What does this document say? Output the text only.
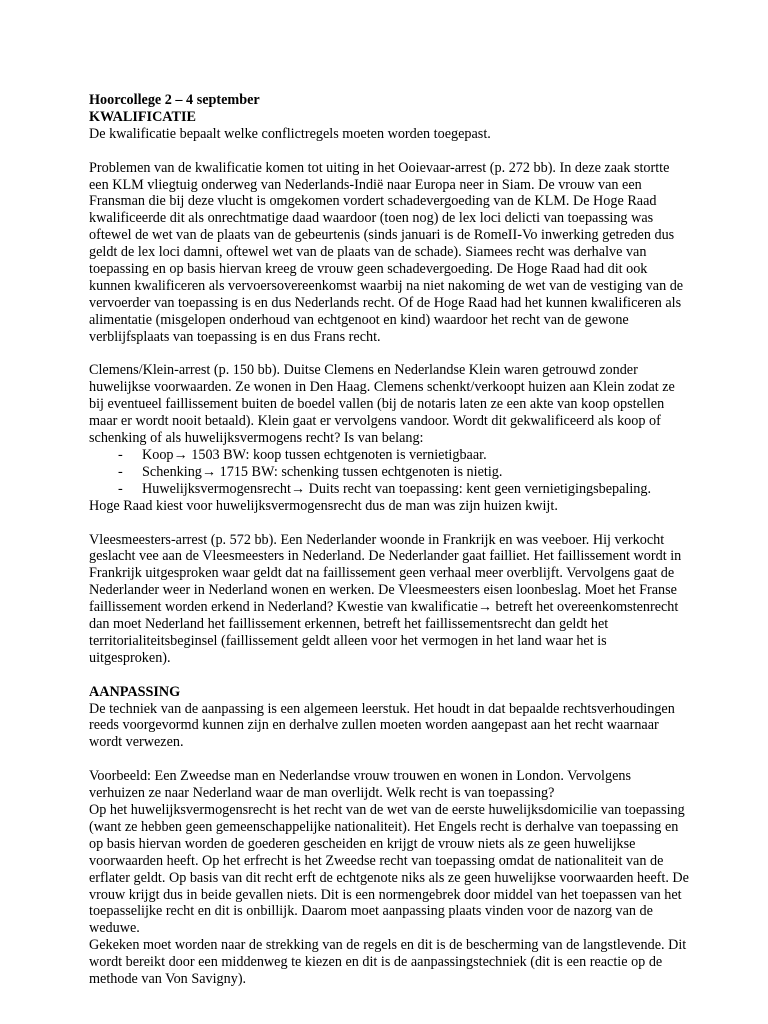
Hoorcollege 2 – 4 september

KWALIFICATIE

De kwalificatie bepaalt welke conflictregels moeten worden toegepast.

Problemen van de kwalificatie komen tot uiting in het Ooievaar-arrest (p. 272 bb). In deze zaak stortte een KLM vliegtuig onderweg van Nederlands-Indië naar Europa neer in Siam. De vrouw van een Fransman die bij deze vlucht is omgekomen vordert schadevergoeding van de KLM. De Hoge Raad kwalificeerde dit als onrechtmatige daad waardoor (toen nog) de lex loci delicti van toepassing was oftewel de wet van de plaats van de gebeurtenis (sinds januari is de RomeII-Vo inwerking getreden dus geldt de lex loci damni, oftewel wet van de plaats van de schade). Siamees recht was derhalve van toepassing en op basis hiervan kreeg de vrouw geen schadevergoeding. De Hoge Raad had dit ook kunnen kwalificeren als vervoersovereenkomst waarbij na niet nakoming de wet van de vestiging van de vervoerder van toepassing is en dus Nederlands recht. Of de Hoge Raad had het kunnen kwalificeren als alimentatie (misgelopen onderhoud van echtgenoot en kind) waardoor het recht van de gewone verblijfsplaats van toepassing is en dus Frans recht.

Clemens/Klein-arrest (p. 150 bb). Duitse Clemens en Nederlandse Klein waren getrouwd zonder huwelijkse voorwaarden. Ze wonen in Den Haag. Clemens schenkt/verkoopt huizen aan Klein zodat ze bij eventueel faillissement buiten de boedel vallen (bij de notaris laten ze een akte van koop opstellen maar er wordt nooit betaald). Klein gaat er vervolgens vandoor. Wordt dit gekwalificeerd als koop of schenking of als huwelijksvermogens recht? Is van belang:

- Koop→ 1503 BW: koop tussen echtgenoten is vernietigbaar.
- Schenking→ 1715 BW: schenking tussen echtgenoten is nietig.
- Huwelijksvermogensrecht→ Duits recht van toepassing: kent geen vernietigingsbepaling.

Hoge Raad kiest voor huwelijksvermogensrecht dus de man was zijn huizen kwijt.

Vleesmeesters-arrest (p. 572 bb). Een Nederlander woonde in Frankrijk en was veeboer. Hij verkocht geslacht vee aan de Vleesmeesters in Nederland. De Nederlander gaat failliet. Het faillissement wordt in Frankrijk uitgesproken waar geldt dat na faillissement geen verhaal meer overblijft. Vervolgens gaat de Nederlander weer in Nederland wonen en werken. De Vleesmeesters eisen loonbeslag. Moet het Franse faillissement worden erkend in Nederland? Kwestie van kwalificatie→ betreft het overeenkomstenrecht dan moet Nederland het faillissement erkennen, betreft het faillissementsrecht dan geldt het territorialiteitsbeginsel (faillissement geldt alleen voor het vermogen in het land waar het is uitgesproken).

AANPASSING

De techniek van de aanpassing is een algemeen leerstuk. Het houdt in dat bepaalde rechtsverhoudingen reeds voorgevormd kunnen zijn en derhalve zullen moeten worden aangepast aan het recht waarnaar wordt verwezen.

Voorbeeld: Een Zweedse man en Nederlandse vrouw trouwen en wonen in London. Vervolgens verhuizen ze naar Nederland waar de man overlijdt. Welk recht is van toepassing?

Op het huwelijksvermogensrecht is het recht van de wet van de eerste huwelijksdomicilie van toepassing (want ze hebben geen gemeenschappelijke nationaliteit). Het Engels recht is derhalve van toepassing en op basis hiervan worden de goederen gescheiden en krijgt de vrouw niets als ze geen huwelijkse voorwaarden heeft. Op het erfrecht is het Zweedse recht van toepassing omdat de nationaliteit van de erflater geldt. Op basis van dit recht erft de echtgenote niks als ze geen huwelijkse voorwaarden heeft. De vrouw krijgt dus in beide gevallen niets. Dit is een normengebrek door middel van het toepassen van het toepasselijke recht en dit is onbillijk. Daarom moet aanpassing plaats vinden voor de nazorg van de weduwe.

Gekeken moet worden naar de strekking van de regels en dit is de bescherming van de langstlevende. Dit wordt bereikt door een middenweg te kiezen en dit is de aanpassingstechniek (dit is een reactie op de methode van Von Savigny).
